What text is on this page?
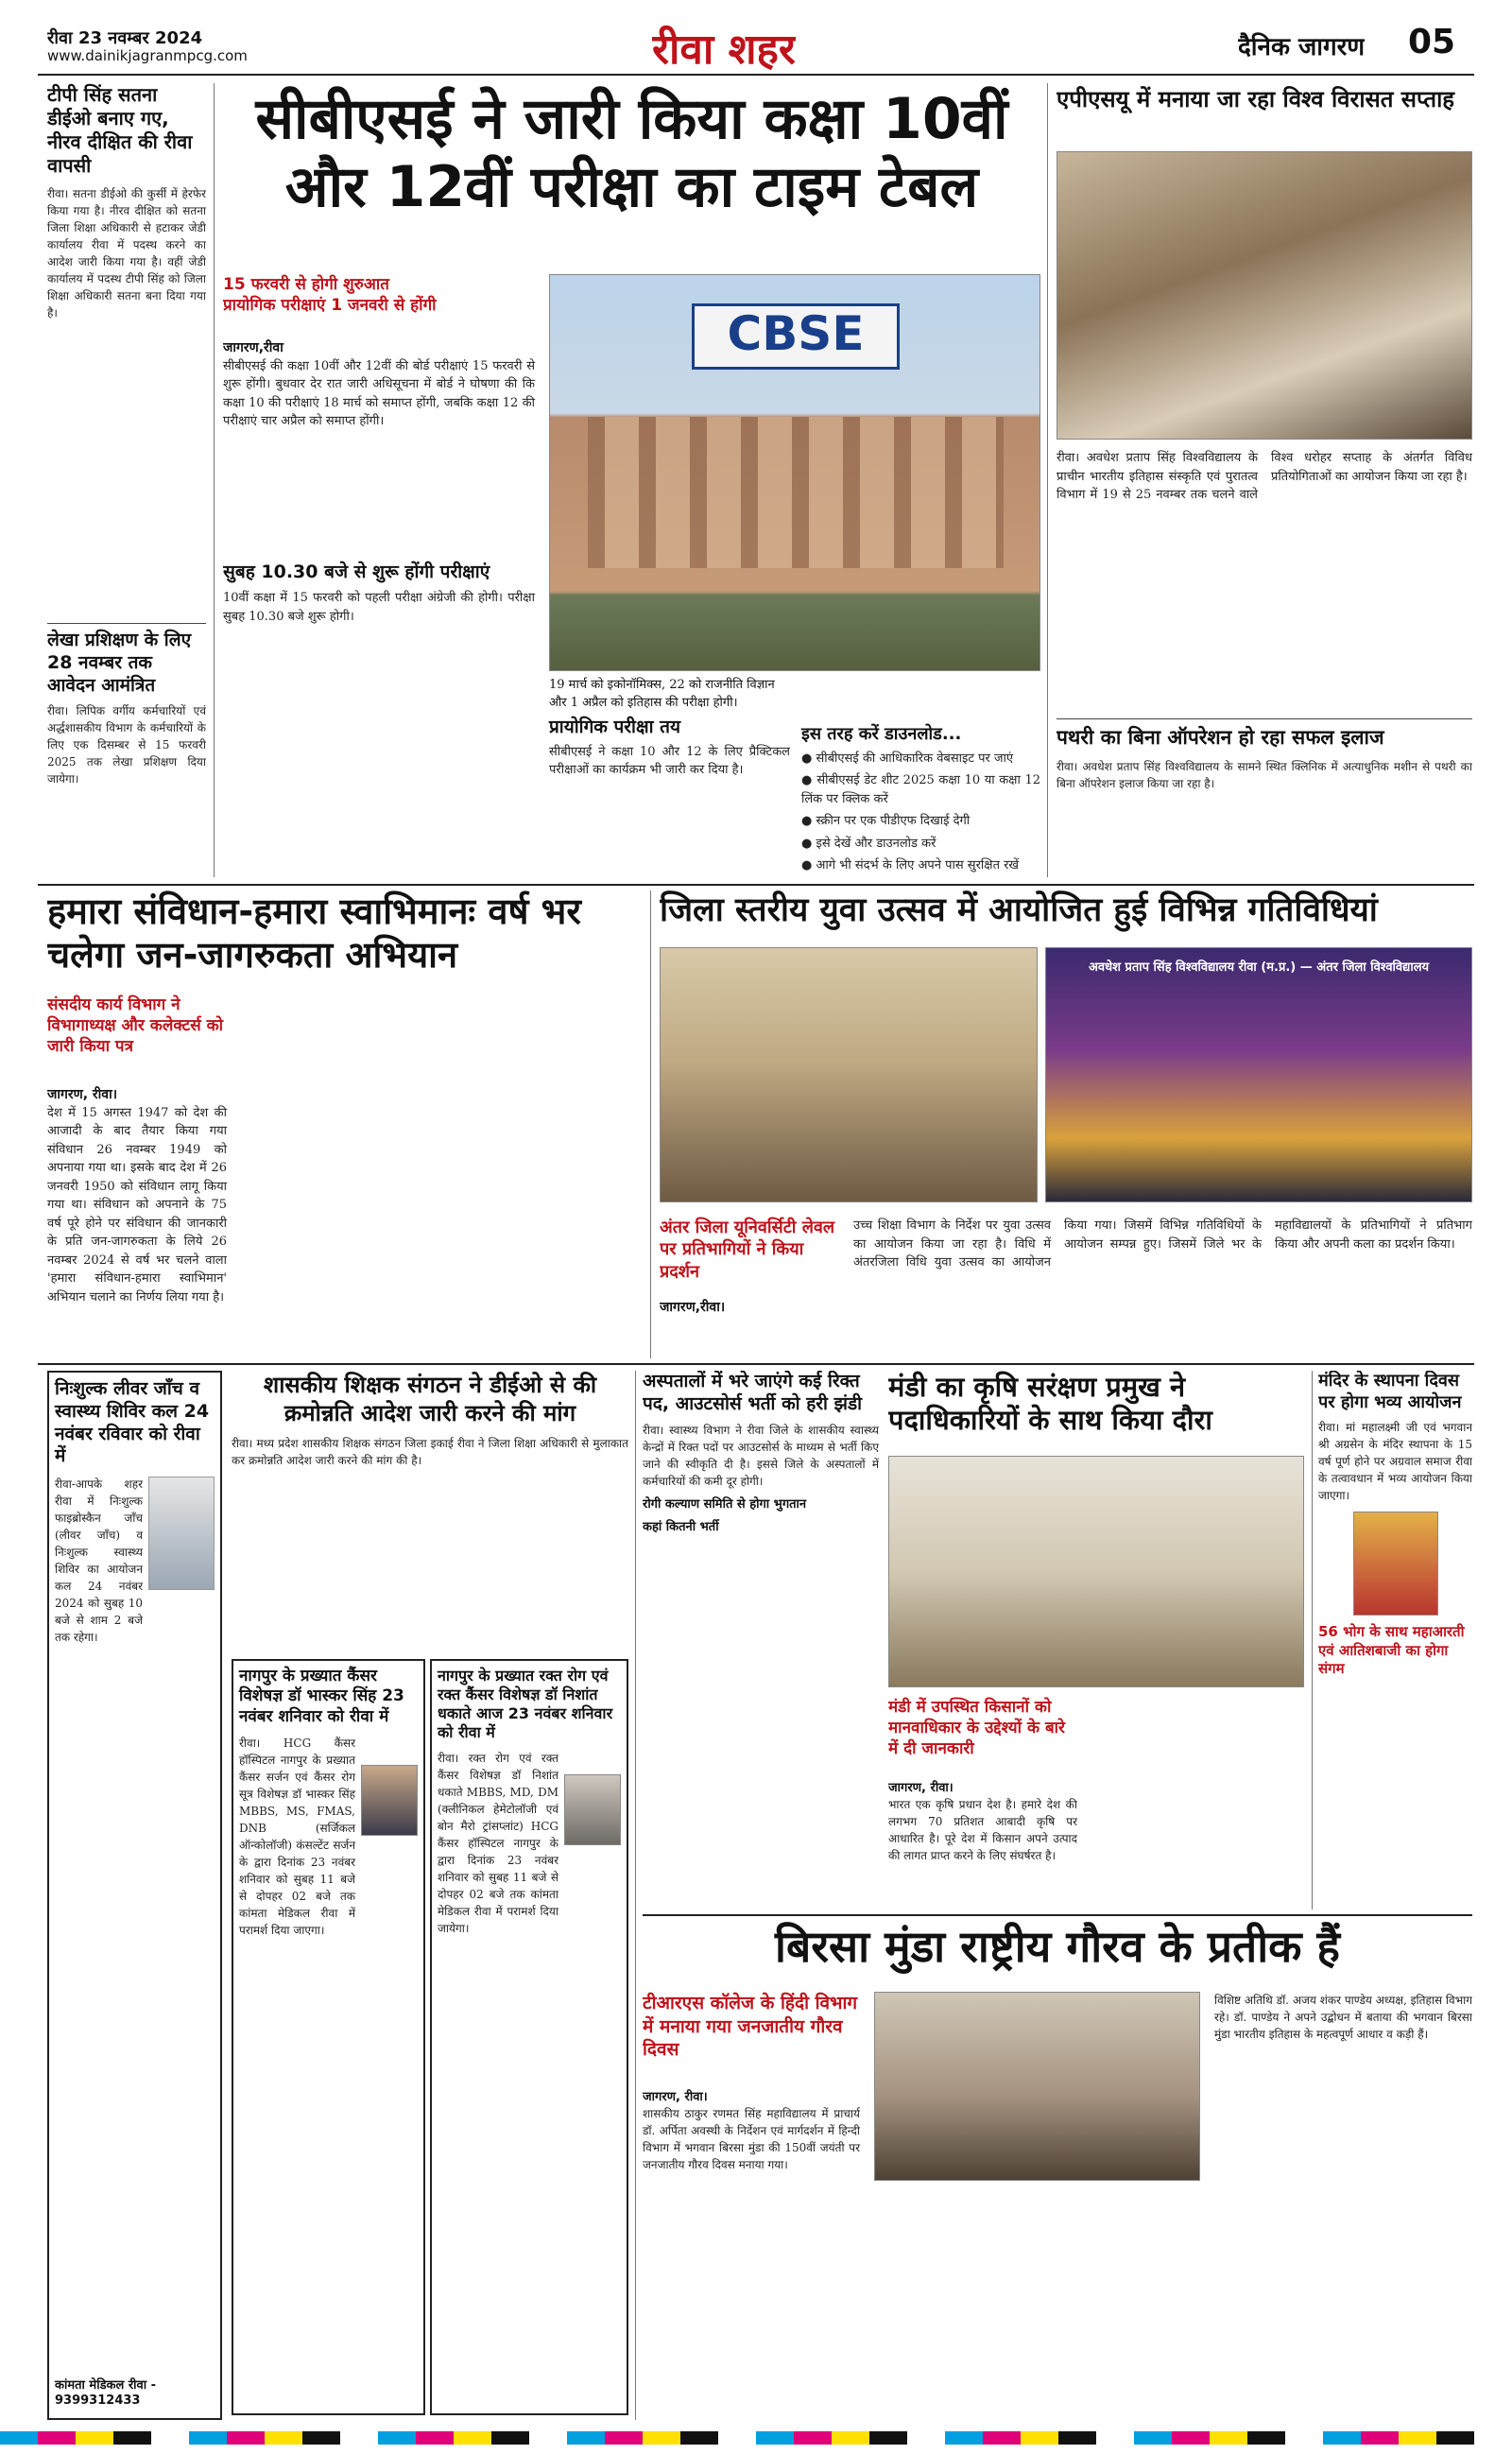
रीवा 23 नवम्बर 2024
www.dainikjagranmpcg.com	रीवा शहर	दैनिक जागरण 05
टीपी सिंह सतना डीईओ बनाए गए, नीरव दीक्षित की रीवा वापसी
रीवा। सतना डीईओ की कुर्सी में हेरफेर किया गया है। नीरव दीक्षित को सतना जिला शिक्षा अधिकारी से हटाकर जेडी कार्यालय रीवा में पदस्थ करने का आदेश जारी किया गया है। वहीं जेडी कार्यालय में पदस्थ टीपी सिंह को जिला शिक्षा अधिकारी सतना बना दिया गया है।
लेखा प्रशिक्षण के लिए 28 नवम्बर तक आवेदन आमंत्रित
रीवा। लिपिक वर्गीय कर्मचारियों एवं अर्द्धशासकीय विभाग के कर्मचारियों के लिए एक दिसम्बर से 15 फरवरी 2025 तक लेखा प्रशिक्षण दिया जायेगा।
सीबीएसई ने जारी किया कक्षा 10वीं और 12वीं परीक्षा का टाइम टेबल
15 फरवरी से होगी शुरुआत
प्रायोगिक परीक्षाएं 1 जनवरी से होंगी
जागरण,रीवा
सीबीएसई की कक्षा 10वीं और 12वीं की बोर्ड परीक्षाएं 15 फरवरी से शुरू होंगी। बुधवार देर रात जारी अधिसूचना में बोर्ड ने घोषणा की कि कक्षा 10 की परीक्षाएं 18 मार्च को समाप्त होंगी, जबकि कक्षा 12 की परीक्षाएं चार अप्रैल को समाप्त होंगी।
सुबह 10.30 बजे से शुरू होंगी परीक्षाएं
10वीं कक्षा में 15 फरवरी को पहली परीक्षा अंग्रेजी की होगी। परीक्षा सुबह 10.30 बजे शुरू होगी।
CBSE
19 मार्च को इकोनॉमिक्स, 22 को राजनीति विज्ञान और 1 अप्रैल को इतिहास की परीक्षा होगी।
प्रायोगिक परीक्षा तय
सीबीएसई ने कक्षा 10 और 12 के लिए प्रैक्टिकल परीक्षाओं का कार्यक्रम भी जारी कर दिया है।
इस तरह करें डाउनलोड...
● सीबीएसई की आधिकारिक वेबसाइट पर जाएं
● सीबीएसई डेट शीट 2025 कक्षा 10 या कक्षा 12 लिंक पर क्लिक करें
● स्क्रीन पर एक पीडीएफ दिखाई देगी
● इसे देखें और डाउनलोड करें
● आगे भी संदर्भ के लिए अपने पास सुरक्षित रखें
एपीएसयू में मनाया जा रहा विश्व विरासत सप्ताह
रीवा। अवधेश प्रताप सिंह विश्वविद्यालय के प्राचीन भारतीय इतिहास संस्कृति एवं पुरातत्व विभाग में 19 से 25 नवम्बर तक चलने वाले विश्व धरोहर सप्ताह के अंतर्गत विविध प्रतियोगिताओं का आयोजन किया जा रहा है।
पथरी का बिना ऑपरेशन हो रहा सफल इलाज
रीवा। अवधेश प्रताप सिंह विश्वविद्यालय के सामने स्थित क्लिनिक में अत्याधुनिक मशीन से पथरी का बिना ऑपरेशन इलाज किया जा रहा है।
हमारा संविधान-हमारा स्वाभिमानः वर्ष भर चलेगा जन-जागरुकता अभियान
संसदीय कार्य विभाग ने विभागाध्यक्ष और कलेक्टर्स को जारी किया पत्र
जागरण, रीवा।
देश में 15 अगस्त 1947 को देश की आजादी के बाद तैयार किया गया संविधान 26 नवम्बर 1949 को अपनाया गया था। इसके बाद देश में 26 जनवरी 1950 को संविधान लागू किया गया था। संविधान को अपनाने के 75 वर्ष पूरे होने पर संविधान की जानकारी के प्रति जन-जागरुकता के लिये 26 नवम्बर 2024 से वर्ष भर चलने वाला 'हमारा संविधान-हमारा स्वाभिमान' अभियान चलाने का निर्णय लिया गया है।

जिला स्तरीय युवा उत्सव में आयोजित हुई विभिन्न गतिविधियां
अवधेश प्रताप सिंह विश्वविद्यालय रीवा (म.प्र.) — अंतर जिला विश्वविद्यालय
अंतर जिला यूनिवर्सिटी लेवल पर प्रतिभागियों ने किया प्रदर्शन
जागरण,रीवा।
उच्च शिक्षा विभाग के निर्देश पर युवा उत्सव का आयोजन किया जा रहा है। विधि में अंतरजिला विधि युवा उत्सव का आयोजन किया गया। जिसमें विभिन्न गतिविधियों के आयोजन सम्पन्न हुए। जिसमें जिले भर के महाविद्यालयों के प्रतिभागियों ने प्रतिभाग किया और अपनी कला का प्रदर्शन किया।
निःशुल्क लीवर जाँच व स्वास्थ्य शिविर कल 24 नवंबर रविवार को रीवा में
रीवा-आपके शहर रीवा में निःशुल्क फाइब्रोस्कैन जाँच (लीवर जाँच) व निःशुल्क स्वास्थ्य शिविर का आयोजन कल 24 नवंबर 2024 को सुबह 10 बजे से शाम 2 बजे तक रहेगा।
कांमता मेडिकल रीवा - 9399312433
शासकीय शिक्षक संगठन ने डीईओ से की क्रमोन्नति आदेश जारी करने की मांग
रीवा। मध्य प्रदेश शासकीय शिक्षक संगठन जिला इकाई रीवा ने जिला शिक्षा अधिकारी से मुलाकात कर क्रमोन्नति आदेश जारी करने की मांग की है।
नागपुर के प्रख्यात कैंसर विशेषज्ञ डॉ भास्कर सिंह 23 नवंबर शनिवार को रीवा में
रीवा। HCG कैंसर हॉस्पिटल नागपुर के प्रख्यात कैंसर सर्जन एवं कैंसर रोग सूत्र विशेषज्ञ डॉ भास्कर सिंह MBBS, MS, FMAS, DNB (सर्जिकल ऑन्कोलॉजी) कंसल्टेंट सर्जन के द्वारा दिनांक 23 नवंबर शनिवार को सुबह 11 बजे से दोपहर 02 बजे तक कांमता मेडिकल रीवा में परामर्श दिया जाएगा।
नागपुर के प्रख्यात रक्त रोग एवं रक्त कैंसर विशेषज्ञ डॉ निशांत धकाते आज 23 नवंबर शनिवार को रीवा में
रीवा। रक्त रोग एवं रक्त कैंसर विशेषज्ञ डॉ निशांत धकाते MBBS, MD, DM (क्लीनिकल हेमेटोलॉजी एवं बोन मैरो ट्रांसप्लांट) HCG कैंसर हॉस्पिटल नागपुर के द्वारा दिनांक 23 नवंबर शनिवार को सुबह 11 बजे से दोपहर 02 बजे तक कांमता मेडिकल रीवा में परामर्श दिया जायेगा।
अस्पतालों में भरे जाएंगे कई रिक्त पद, आउटसोर्स भर्ती को हरी झंडी
रीवा। स्वास्थ्य विभाग ने रीवा जिले के शासकीय स्वास्थ्य केन्द्रों में रिक्त पदों पर आउटसोर्स के माध्यम से भर्ती किए जाने की स्वीकृति दी है। इससे जिले के अस्पतालों में कर्मचारियों की कमी दूर होगी।
रोगी कल्याण समिति से होगा भुगतान
कहां कितनी भर्ती
मंडी का कृषि सरंक्षण प्रमुख ने पदाधिकारियों के साथ किया दौरा
मंडी में उपस्थित किसानों को मानवाधिकार के उद्देश्यों के बारे में दी जानकारी
जागरण, रीवा।
भारत एक कृषि प्रधान देश है। हमारे देश की लगभग 70 प्रतिशत आबादी कृषि पर आधारित है। पूरे देश में किसान अपने उत्पाद की लागत प्राप्त करने के लिए संघर्षरत है।
मंदिर के स्थापना दिवस पर होगा भव्य आयोजन
रीवा। मां महालक्ष्मी जी एवं भगवान श्री अग्रसेन के मंदिर स्थापना के 15 वर्ष पूर्ण होने पर अग्रवाल समाज रीवा के तत्वावधान में भव्य आयोजन किया जाएगा।
56 भोग के साथ महाआरती एवं आतिशबाजी का होगा संगम
बिरसा मुंडा राष्ट्रीय गौरव के प्रतीक हैं
टीआरएस कॉलेज के हिंदी विभाग में मनाया गया जनजातीय गौरव दिवस
जागरण, रीवा।
शासकीय ठाकुर रणमत सिंह महाविद्यालय में प्राचार्य डॉ. अर्पिता अवस्थी के निर्देशन एवं मार्गदर्शन में हिन्दी विभाग में भगवान बिरसा मुंडा की 150वीं जयंती पर जनजातीय गौरव दिवस मनाया गया।
विशिष्ट अतिथि डॉ. अजय शंकर पाण्डेय अध्यक्ष, इतिहास विभाग रहे। डॉ. पाण्डेय ने अपने उद्बोधन में बताया की भगवान बिरसा मुंडा भारतीय इतिहास के महत्वपूर्ण आधार व कड़ी हैं।
